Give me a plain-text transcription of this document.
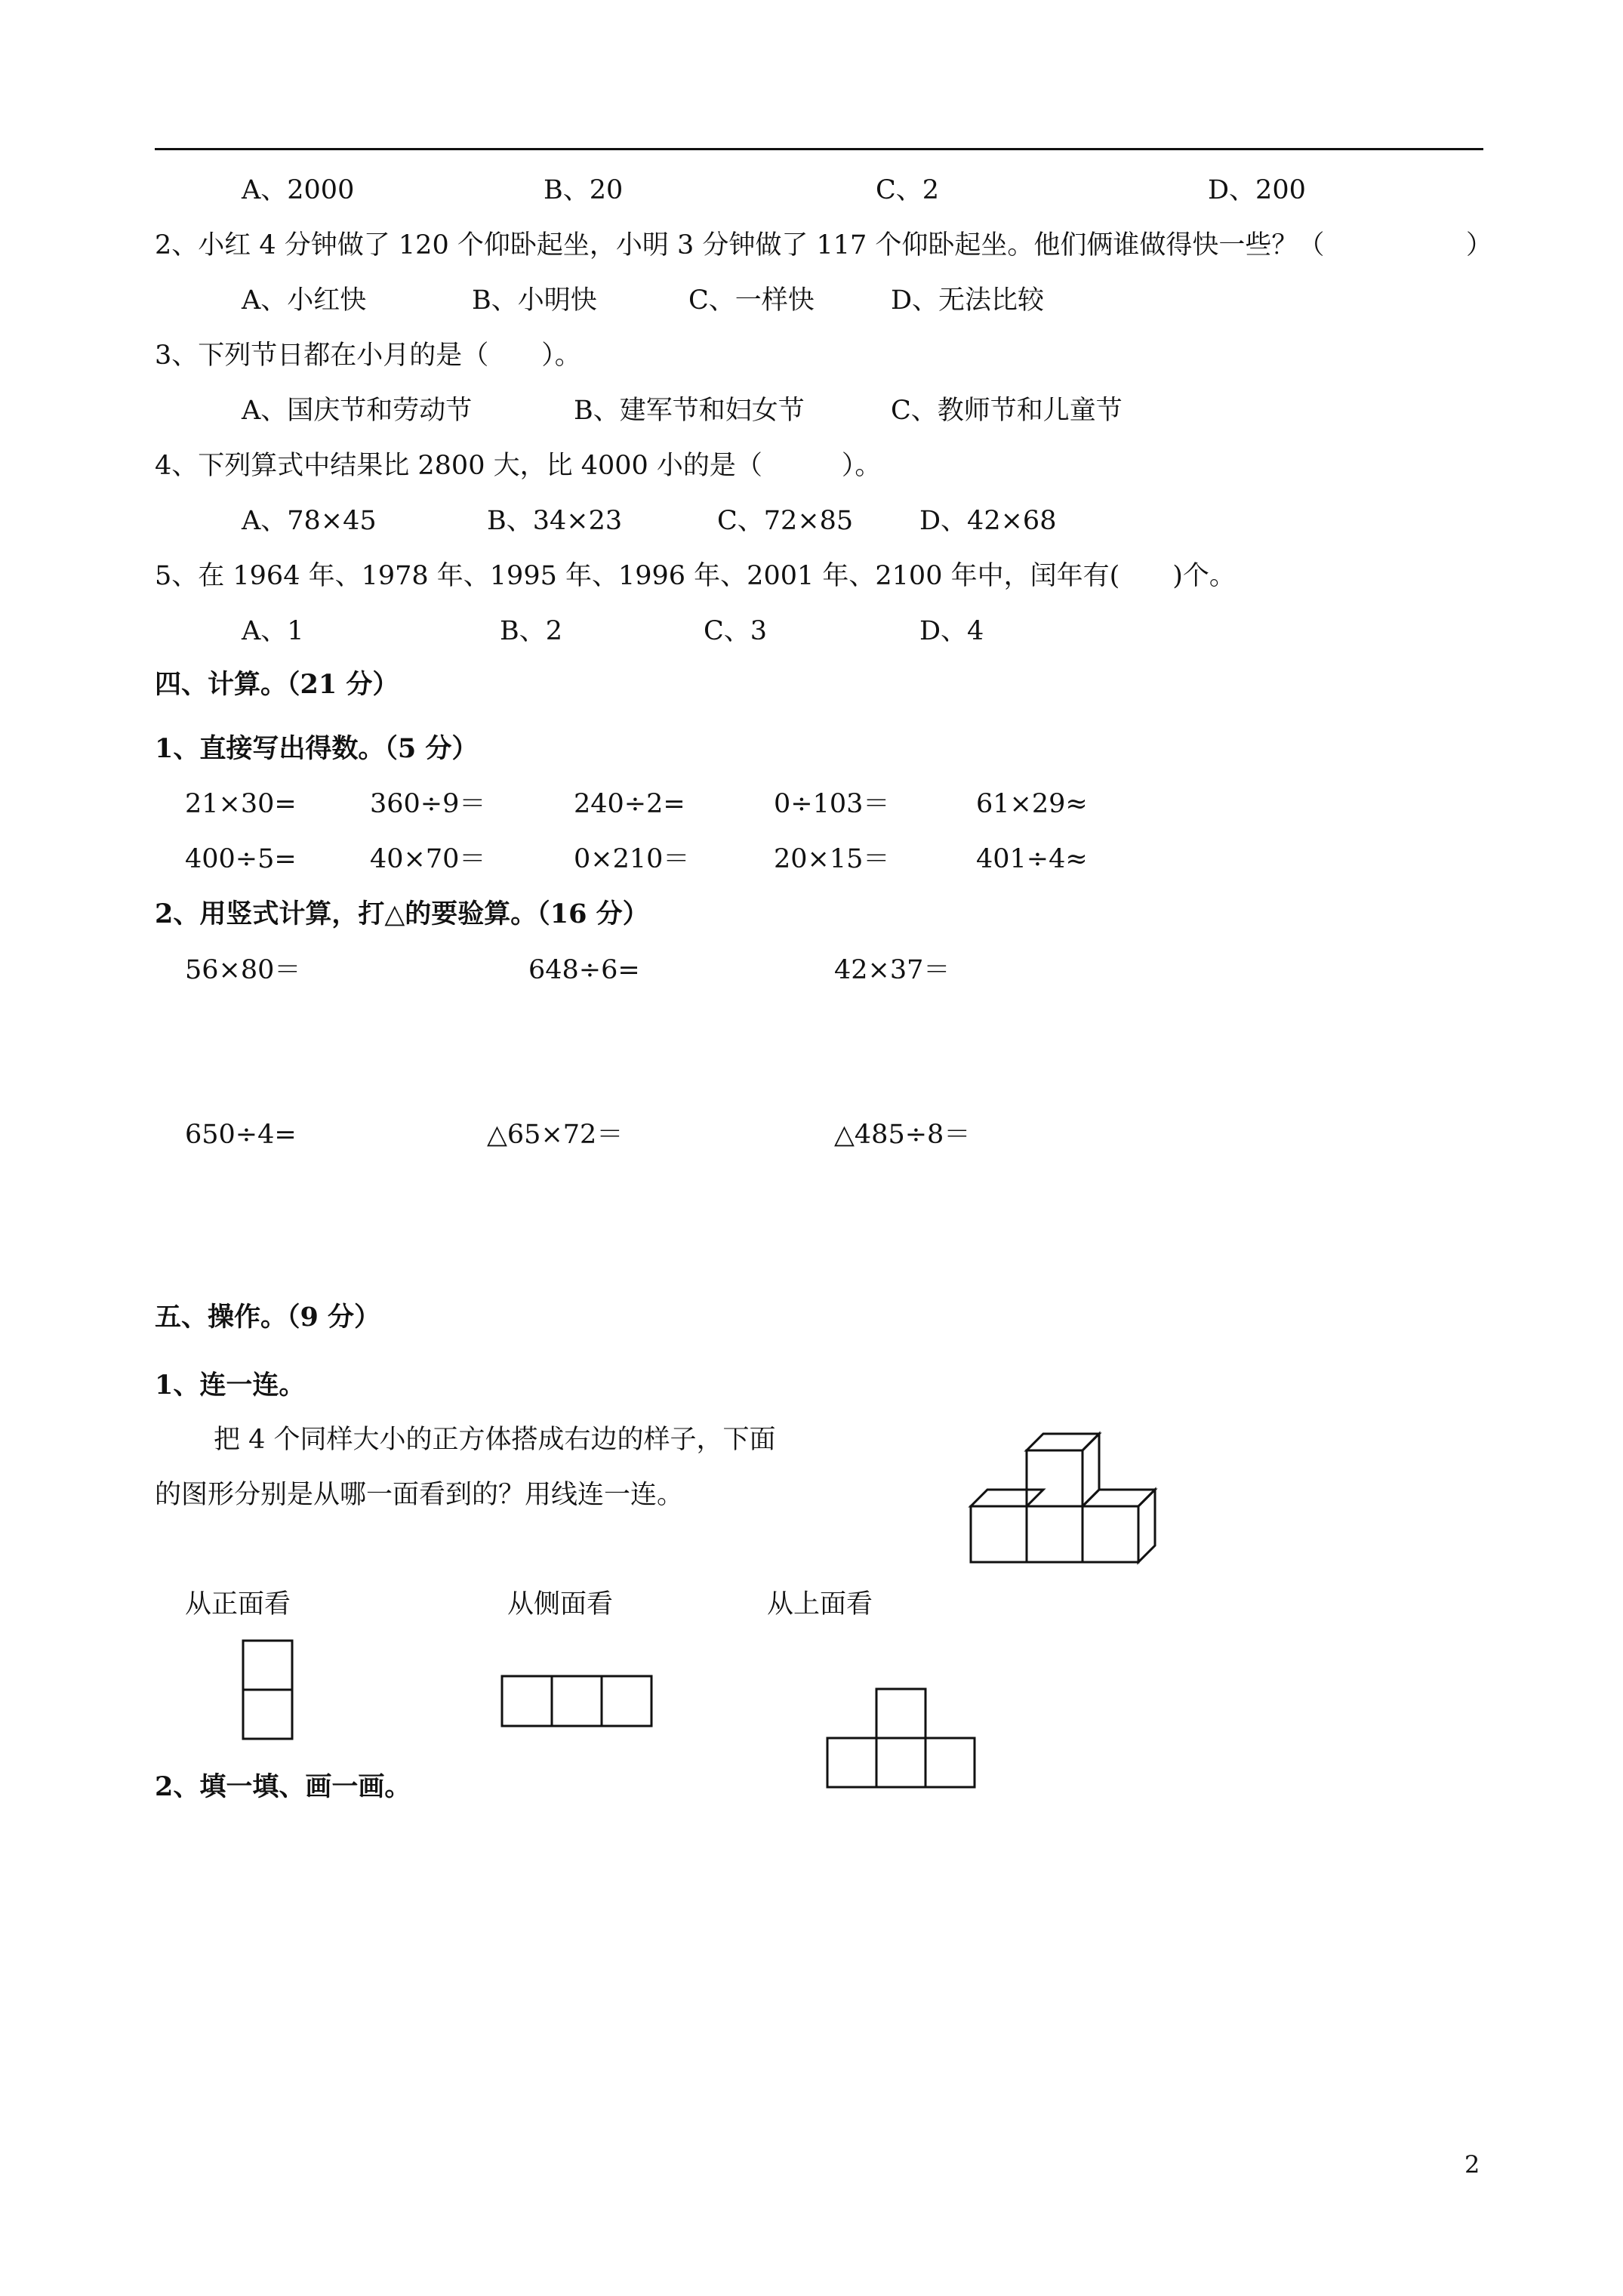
A、2000	B、20	C、2	D、200
2、小红 4 分钟做了 120 个仰卧起坐，小明 3 分钟做了 117 个仰卧起坐。他们俩谁做得快一些？（	）
A、小红快	B、小明快	C、一样快	D、无法比较
3、下列节日都在小月的是（　　）。
A、国庆节和劳动节	B、建军节和妇女节	C、教师节和儿童节
4、下列算式中结果比 2800 大，比 4000 小的是（　　　）。
A、78×45	B、34×23	C、72×85	D、42×68
5、在 1964 年、1978 年、1995 年、1996 年、2001 年、2100 年中，闰年有(　　)个。
A、1	B、2	C、3	D、4
四、计算。（21 分）
1、直接写出得数。（5 分）
21×30=	360÷9＝	240÷2=	0÷103＝	61×29≈
400÷5=	40×70＝	0×210＝	20×15＝	401÷4≈
2、用竖式计算，打△的要验算。（16 分）
56×80＝	648÷6=	42×37＝
650÷4=	△65×72＝	△485÷8＝
五、操作。（9 分）
1、连一连。
把 4 个同样大小的正方体搭成右边的样子，下面
的图形分别是从哪一面看到的？用线连一连。
从正面看	从侧面看	从上面看
2、填一填、画一画。
2
